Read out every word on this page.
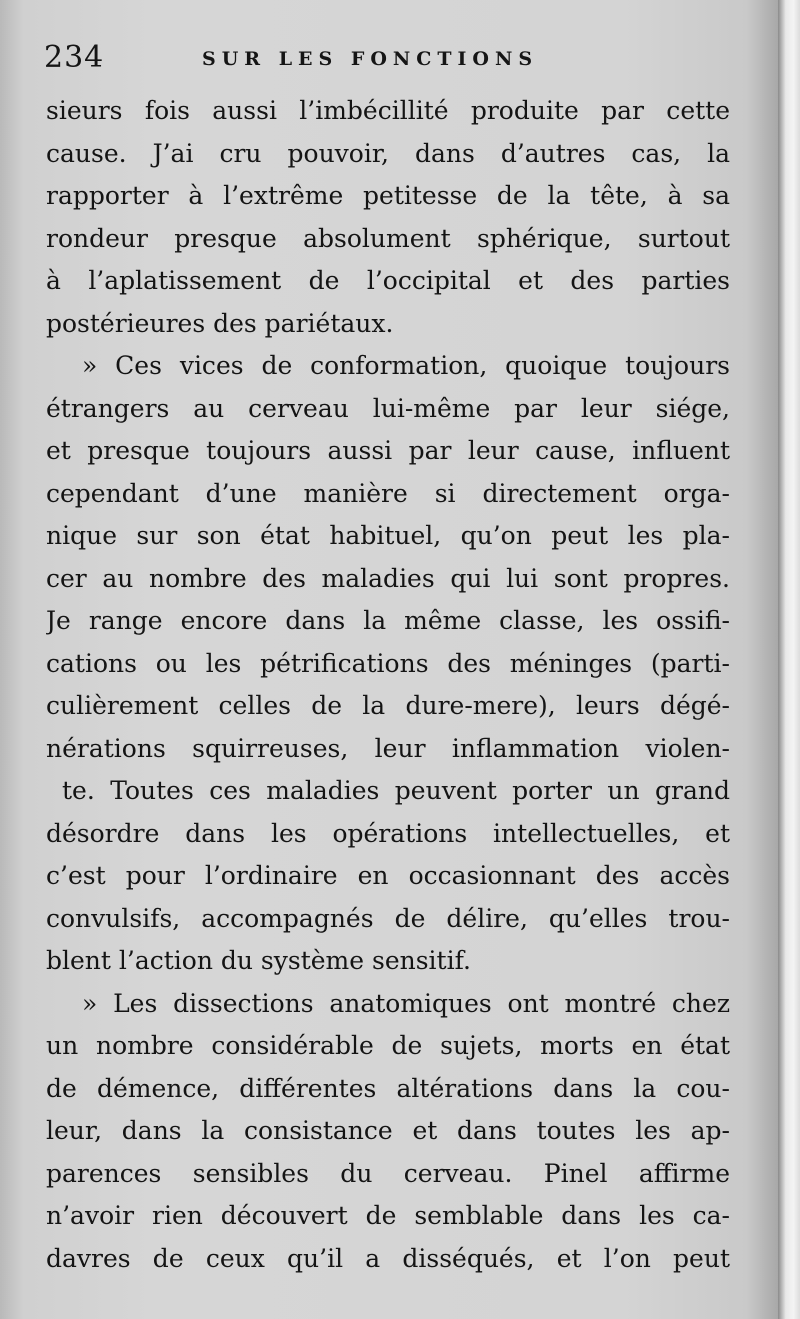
234	SUR LES FONCTIONS
sieurs fois aussi l’imbécillité produite par cette
cause. J’ai cru pouvoir, dans d’autres cas, la
rapporter à l’extrême petitesse de la tête, à sa
rondeur presque absolument sphérique, surtout
à l’aplatissement de l’occipital et des parties
postérieures des pariétaux.
» Ces vices de conformation, quoique toujours
étrangers au cerveau lui-même par leur siége,
et presque toujours aussi par leur cause, influent
cependant d’une manière si directement orga-
nique sur son état habituel, qu’on peut les pla-
cer au nombre des maladies qui lui sont propres.
Je range encore dans la même classe, les ossifi-
cations ou les pétrifications des méninges (parti-
culièrement celles de la dure-mere), leurs dégé-
nérations squirreuses, leur inflammation violen-
te. Toutes ces maladies peuvent porter un grand
désordre dans les opérations intellectuelles, et
c’est pour l’ordinaire en occasionnant des accès
convulsifs, accompagnés de délire, qu’elles trou-
blent l’action du système sensitif.
» Les dissections anatomiques ont montré chez
un nombre considérable de sujets, morts en état
de démence, différentes altérations dans la cou-
leur, dans la consistance et dans toutes les ap-
parences sensibles du cerveau. Pinel affirme
n’avoir rien découvert de semblable dans les ca-
davres de ceux qu’il a disséqués, et l’on peut
